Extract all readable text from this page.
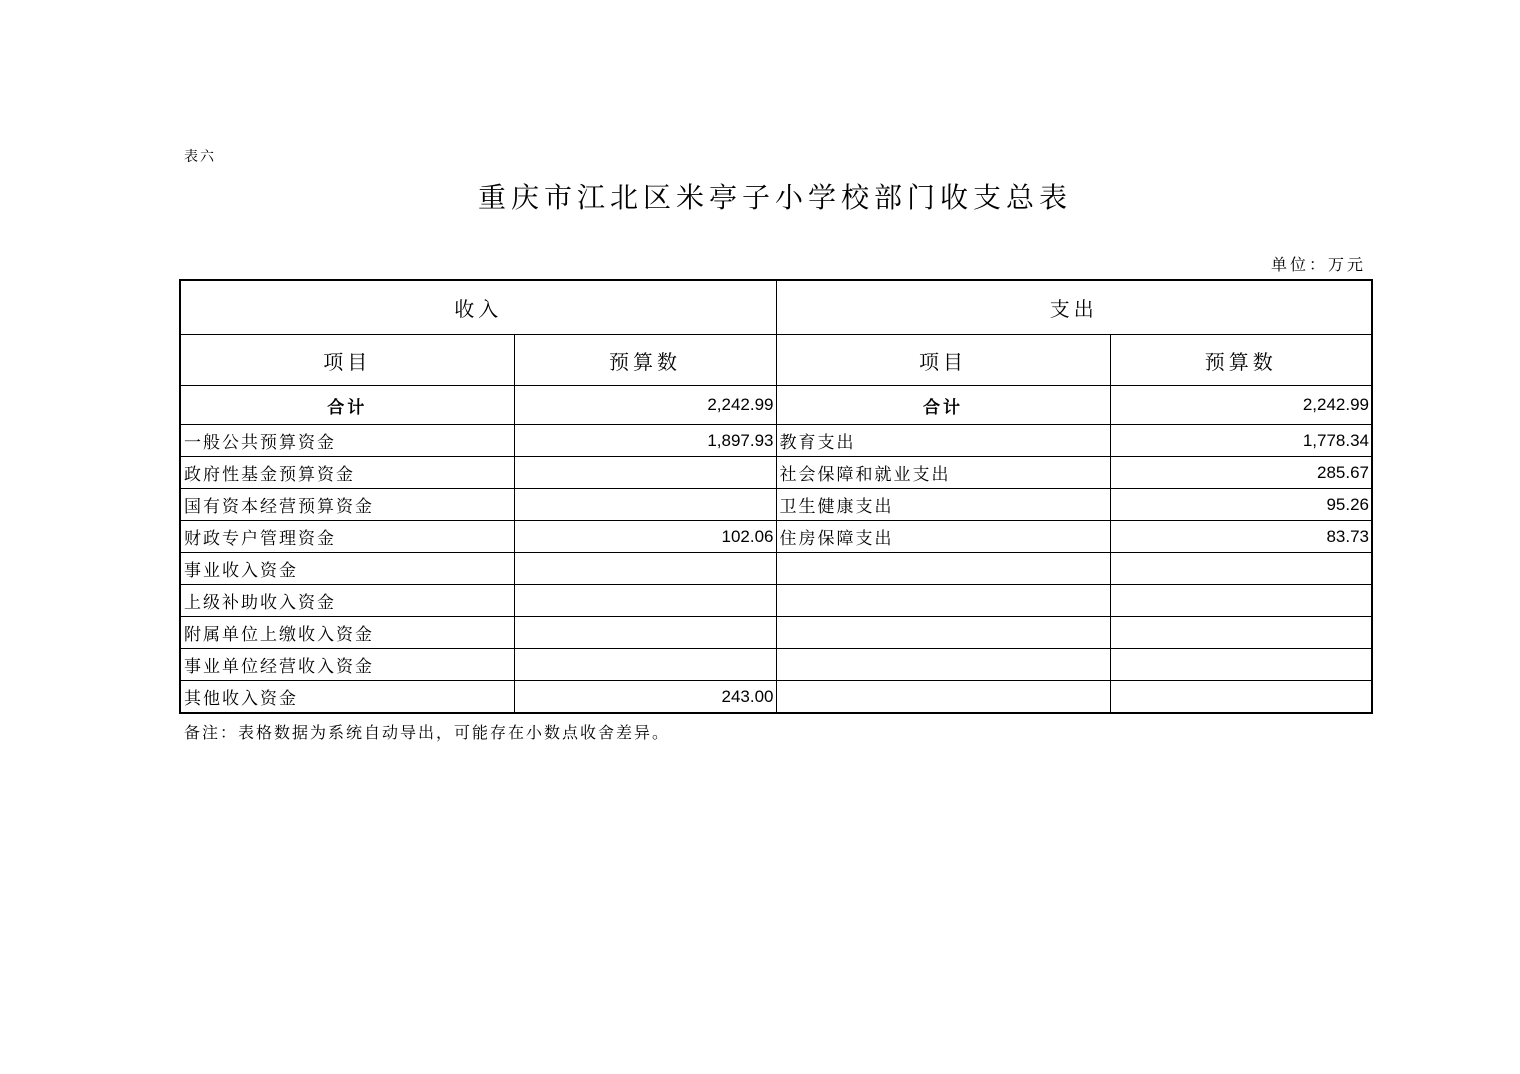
表六
重庆市江北区米亭子小学校部门收支总表
单位：万元
收入		支出	
项目	预算数	项目	预算数
合计	2,242.99	合计	2,242.99
一般公共预算资金	1,897.93	教育支出	1,778.34
政府性基金预算资金		社会保障和就业支出	285.67
国有资本经营预算资金		卫生健康支出	95.26
财政专户管理资金	102.06	住房保障支出	83.73
事业收入资金			
上级补助收入资金			
附属单位上缴收入资金			
事业单位经营收入资金			
其他收入资金	243.00		
备注：表格数据为系统自动导出，可能存在小数点收舍差异。
